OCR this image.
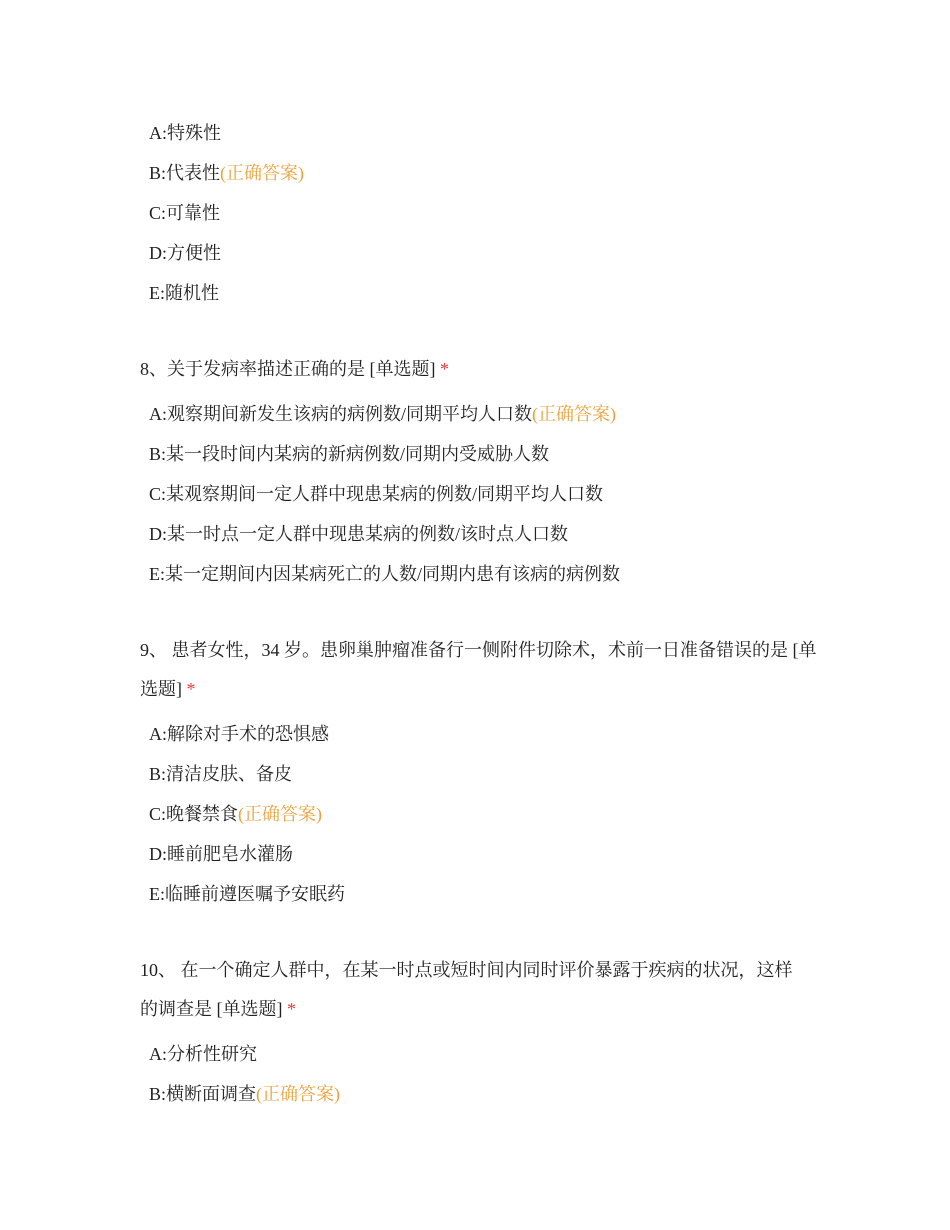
A:特殊性
B:代表性(正确答案)
C:可靠性
D:方便性
E:随机性
8、关于发病率描述正确的是 [单选题] *
A:观察期间新发生该病的病例数/同期平均人口数(正确答案)
B:某一段时间内某病的新病例数/同期内受威胁人数
C:某观察期间一定人群中现患某病的例数/同期平均人口数
D:某一时点一定人群中现患某病的例数/该时点人口数
E:某一定期间内因某病死亡的人数/同期内患有该病的病例数
9、 患者女性，34 岁。患卵巢肿瘤准备行一侧附件切除术，术前一日准备错误的是 [单选题] *
A:解除对手术的恐惧感
B:清洁皮肤、备皮
C:晚餐禁食(正确答案)
D:睡前肥皂水灌肠
E:临睡前遵医嘱予安眠药
10、 在一个确定人群中，在某一时点或短时间内同时评价暴露于疾病的状况，这样的调查是 [单选题] *
A:分析性研究
B:横断面调查(正确答案)
